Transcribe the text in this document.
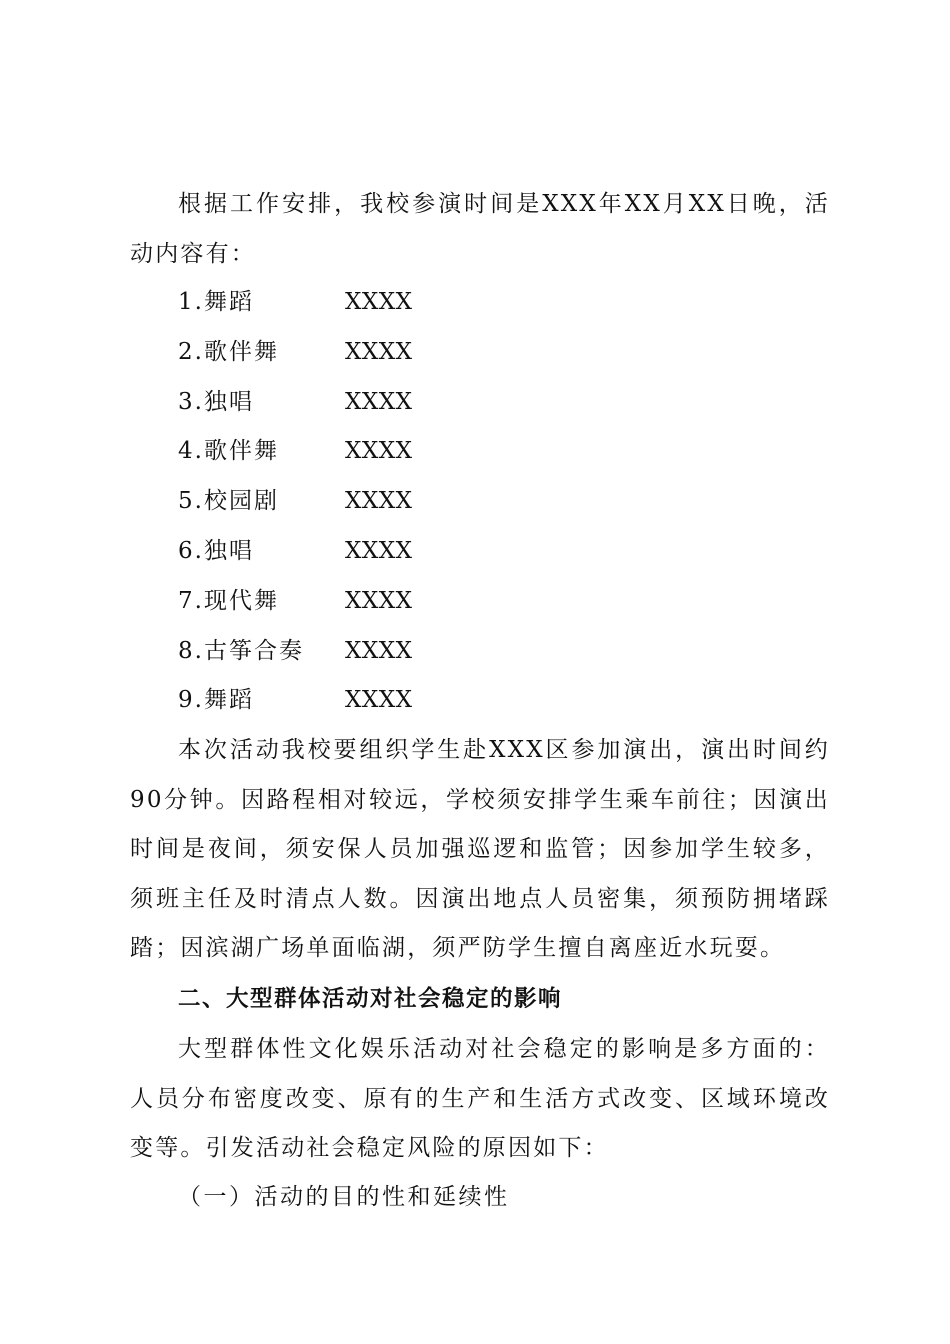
根据工作安排，我校参演时间是XXX年XX月XX日晚，活动内容有：

1.舞蹈	XXXX
2.歌伴舞	XXXX
3.独唱	XXXX
4.歌伴舞	XXXX
5.校园剧	XXXX
6.独唱	XXXX
7.现代舞	XXXX
8.古筝合奏 XXXX
9.舞蹈	XXXX

本次活动我校要组织学生赴XXX区参加演出，演出时间约90分钟。因路程相对较远，学校须安排学生乘车前往；因演出时间是夜间，须安保人员加强巡逻和监管；因参加学生较多，须班主任及时清点人数。因演出地点人员密集，须预防拥堵踩踏；因滨湖广场单面临湖，须严防学生擅自离座近水玩耍。

二、大型群体活动对社会稳定的影响

大型群体性文化娱乐活动对社会稳定的影响是多方面的：人员分布密度改变、原有的生产和生活方式改变、区域环境改变等。引发活动社会稳定风险的原因如下：

（一）活动的目的性和延续性
